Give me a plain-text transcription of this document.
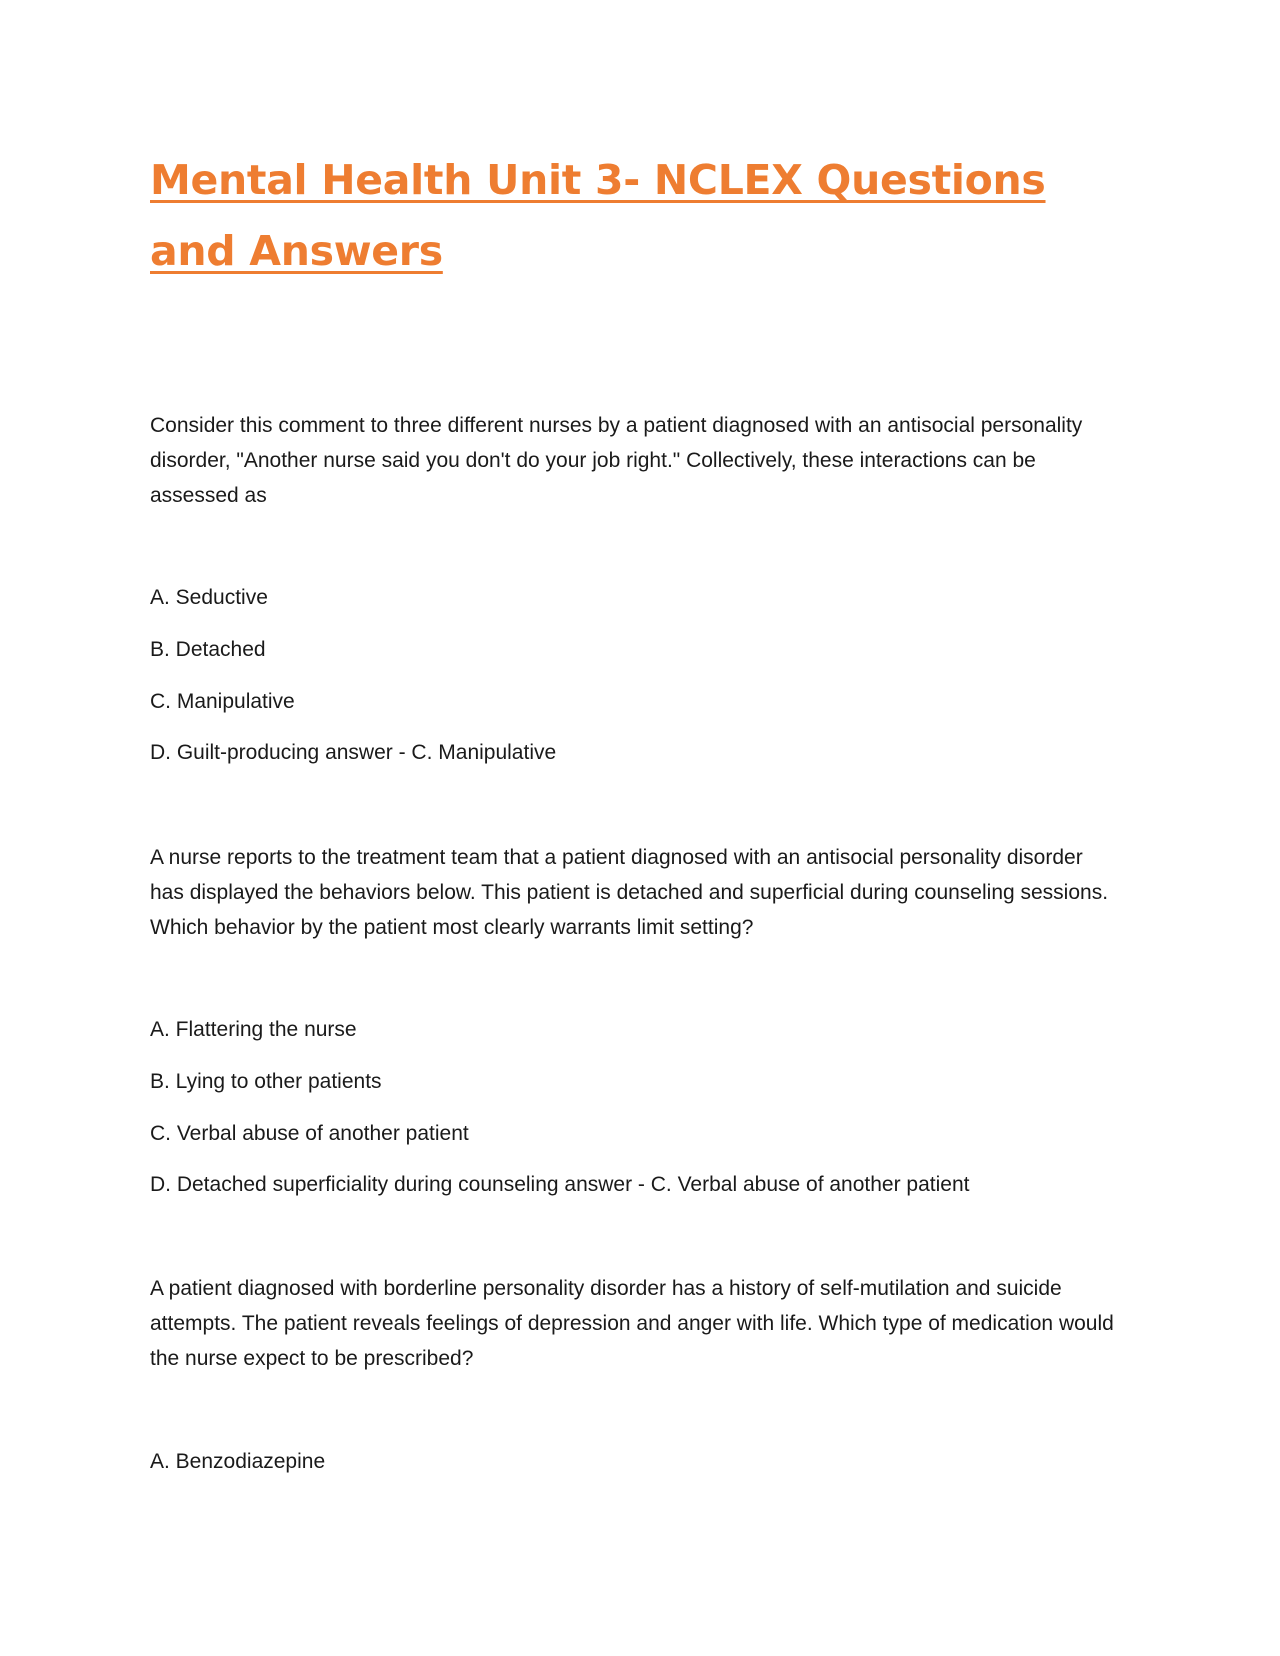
Mental Health Unit 3- NCLEX Questions and Answers

Consider this comment to three different nurses by a patient diagnosed with an antisocial personality disorder, "Another nurse said you don't do your job right." Collectively, these interactions can be assessed as

A. Seductive

B. Detached

C. Manipulative

D. Guilt-producing answer - C. Manipulative

A nurse reports to the treatment team that a patient diagnosed with an antisocial personality disorder has displayed the behaviors below. This patient is detached and superficial during counseling sessions. Which behavior by the patient most clearly warrants limit setting?

A. Flattering the nurse

B. Lying to other patients

C. Verbal abuse of another patient

D. Detached superficiality during counseling answer - C. Verbal abuse of another patient

A patient diagnosed with borderline personality disorder has a history of self-mutilation and suicide attempts. The patient reveals feelings of depression and anger with life. Which type of medication would the nurse expect to be prescribed?

A. Benzodiazepine
